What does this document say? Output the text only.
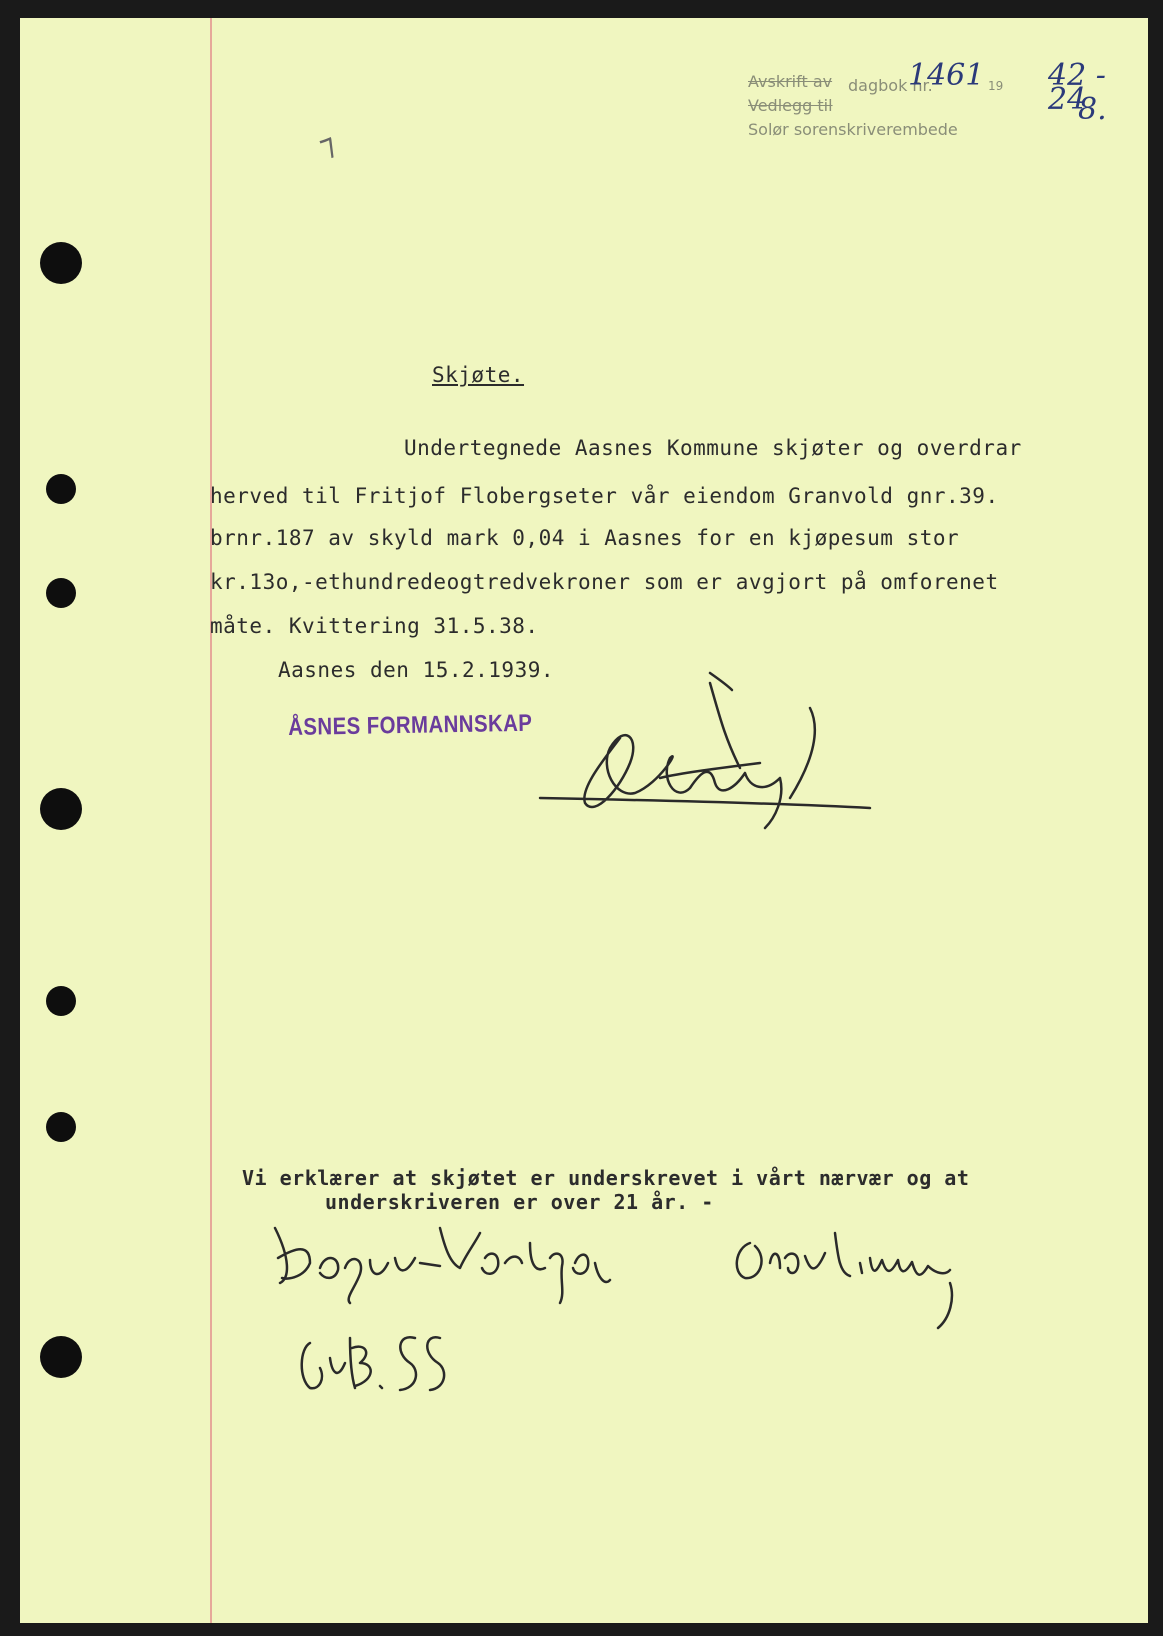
⁊
Avskrift av dagbok nr.
1461 19 42 - 24
Vedlegg til	8.
Solør sorenskriverembede
Skjøte.
Undertegnede Aasnes Kommune skjøter og overdrar
herved til Fritjof Flobergseter vår eiendom Granvold gnr.39.
brnr.187 av skyld mark 0,04 i Aasnes for en kjøpesum stor
kr.13o,-ethundredeogtredvekroner som er avgjort på omforenet
måte. Kvittering 31.5.38.
Aasnes den 15.2.1939.
ÅSNES FORMANNSKAP
Vi erklærer at skjøtet er underskrevet i vårt nærvær og at
underskriveren er over 21 år. -
